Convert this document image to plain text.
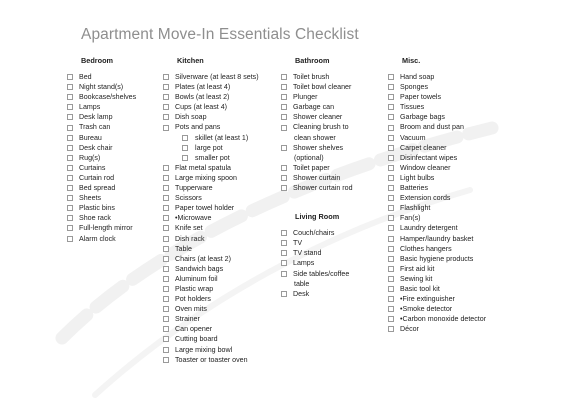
Apartment Move-In Essentials Checklist
Bedroom
Bed
Night stand(s)
Bookcase/shelves
Lamps
Desk lamp
Trash can
Bureau
Desk chair
Rug(s)
Curtains
Curtain rod
Bed spread
Sheets
Plastic bins
Shoe rack
Full-length mirror
Alarm clock
Kitchen
Silverware (at least 8 sets)
Plates (at least 4)
Bowls (at least 2)
Cups (at least 4)
Dish soap
Pots and pans
skillet (at least 1)
large pot
smaller pot
Flat metal spatula
Large mixing spoon
Tupperware
Scissors
Paper towel holder
•Microwave
Knife set
Dish rack
Table
Chairs (at least 2)
Sandwich bags
Aluminum foil
Plastic wrap
Pot holders
Oven mits
Strainer
Can opener
Cutting board
Large mixing bowl
Toaster or toaster oven
Bathroom
Toilet brush
Toilet bowl cleaner
Plunger
Garbage can
Shower cleaner
Cleaning brush to
clean shower
Shower shelves
(optional)
Toilet paper
Shower curtain
Shower curtain rod
Living Room
Couch/chairs
TV
TV stand
Lamps
Side tables/coffee
table
Desk
Misc.
Hand soap
Sponges
Paper towels
Tissues
Garbage bags
Broom and dust pan
Vacuum
Carpet cleaner
Disinfectant wipes
Window cleaner
Light bulbs
Batteries
Extension cords
Flashlight
Fan(s)
Laundry detergent
Hamper/laundry basket
Clothes hangers
Basic hygiene products
First aid kit
Sewing kit
Basic tool kit
•Fire extinguisher
•Smoke detector
•Carbon monoxide detector
Décor
